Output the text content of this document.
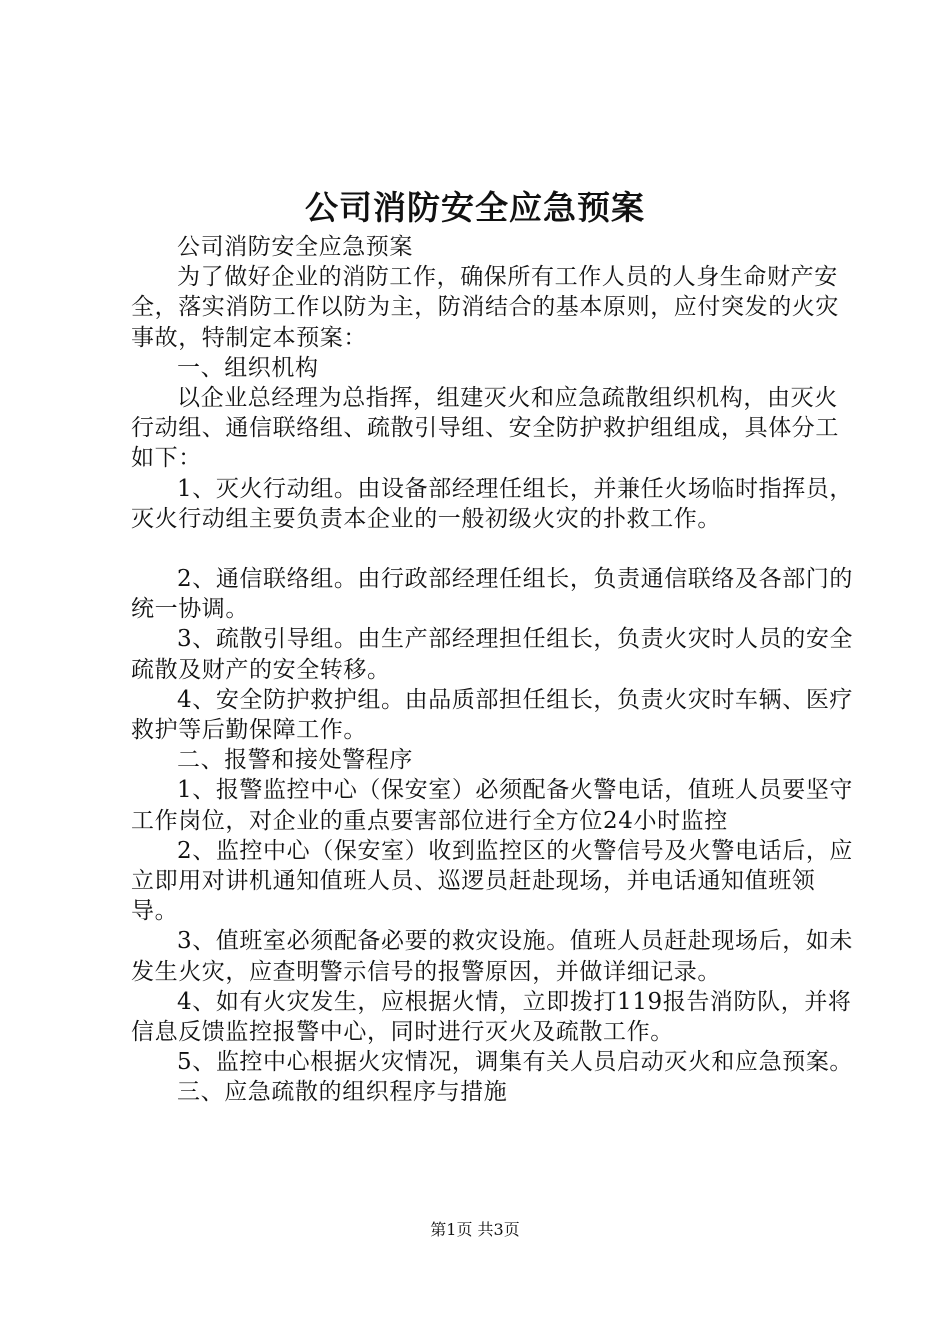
公司消防安全应急预案

公司消防安全应急预案

为了做好企业的消防工作，确保所有工作人员的人身生命财产安全，落实消防工作以防为主，防消结合的基本原则，应付突发的火灾事故，特制定本预案：

一、组织机构

以企业总经理为总指挥，组建灭火和应急疏散组织机构，由灭火行动组、通信联络组、疏散引导组、安全防护救护组组成，具体分工如下：

1、灭火行动组。由设备部经理任组长，并兼任火场临时指挥员，灭火行动组主要负责本企业的一般初级火灾的扑救工作。

2、通信联络组。由行政部经理任组长，负责通信联络及各部门的统一协调。

3、疏散引导组。由生产部经理担任组长，负责火灾时人员的安全疏散及财产的安全转移。

4、安全防护救护组。由品质部担任组长，负责火灾时车辆、医疗救护等后勤保障工作。

二、报警和接处警程序

1、报警监控中心（保安室）必须配备火警电话，值班人员要坚守工作岗位，对企业的重点要害部位进行全方位24小时监控

2、监控中心（保安室）收到监控区的火警信号及火警电话后，应立即用对讲机通知值班人员、巡逻员赶赴现场，并电话通知值班领导。

3、值班室必须配备必要的救灾设施。值班人员赶赴现场后，如未发生火灾，应查明警示信号的报警原因，并做详细记录。

4、如有火灾发生，应根据火情，立即拨打119报告消防队，并将信息反馈监控报警中心，同时进行灭火及疏散工作。

5、监控中心根据火灾情况，调集有关人员启动灭火和应急预案。

三、应急疏散的组织程序与措施

第1页 共3页
